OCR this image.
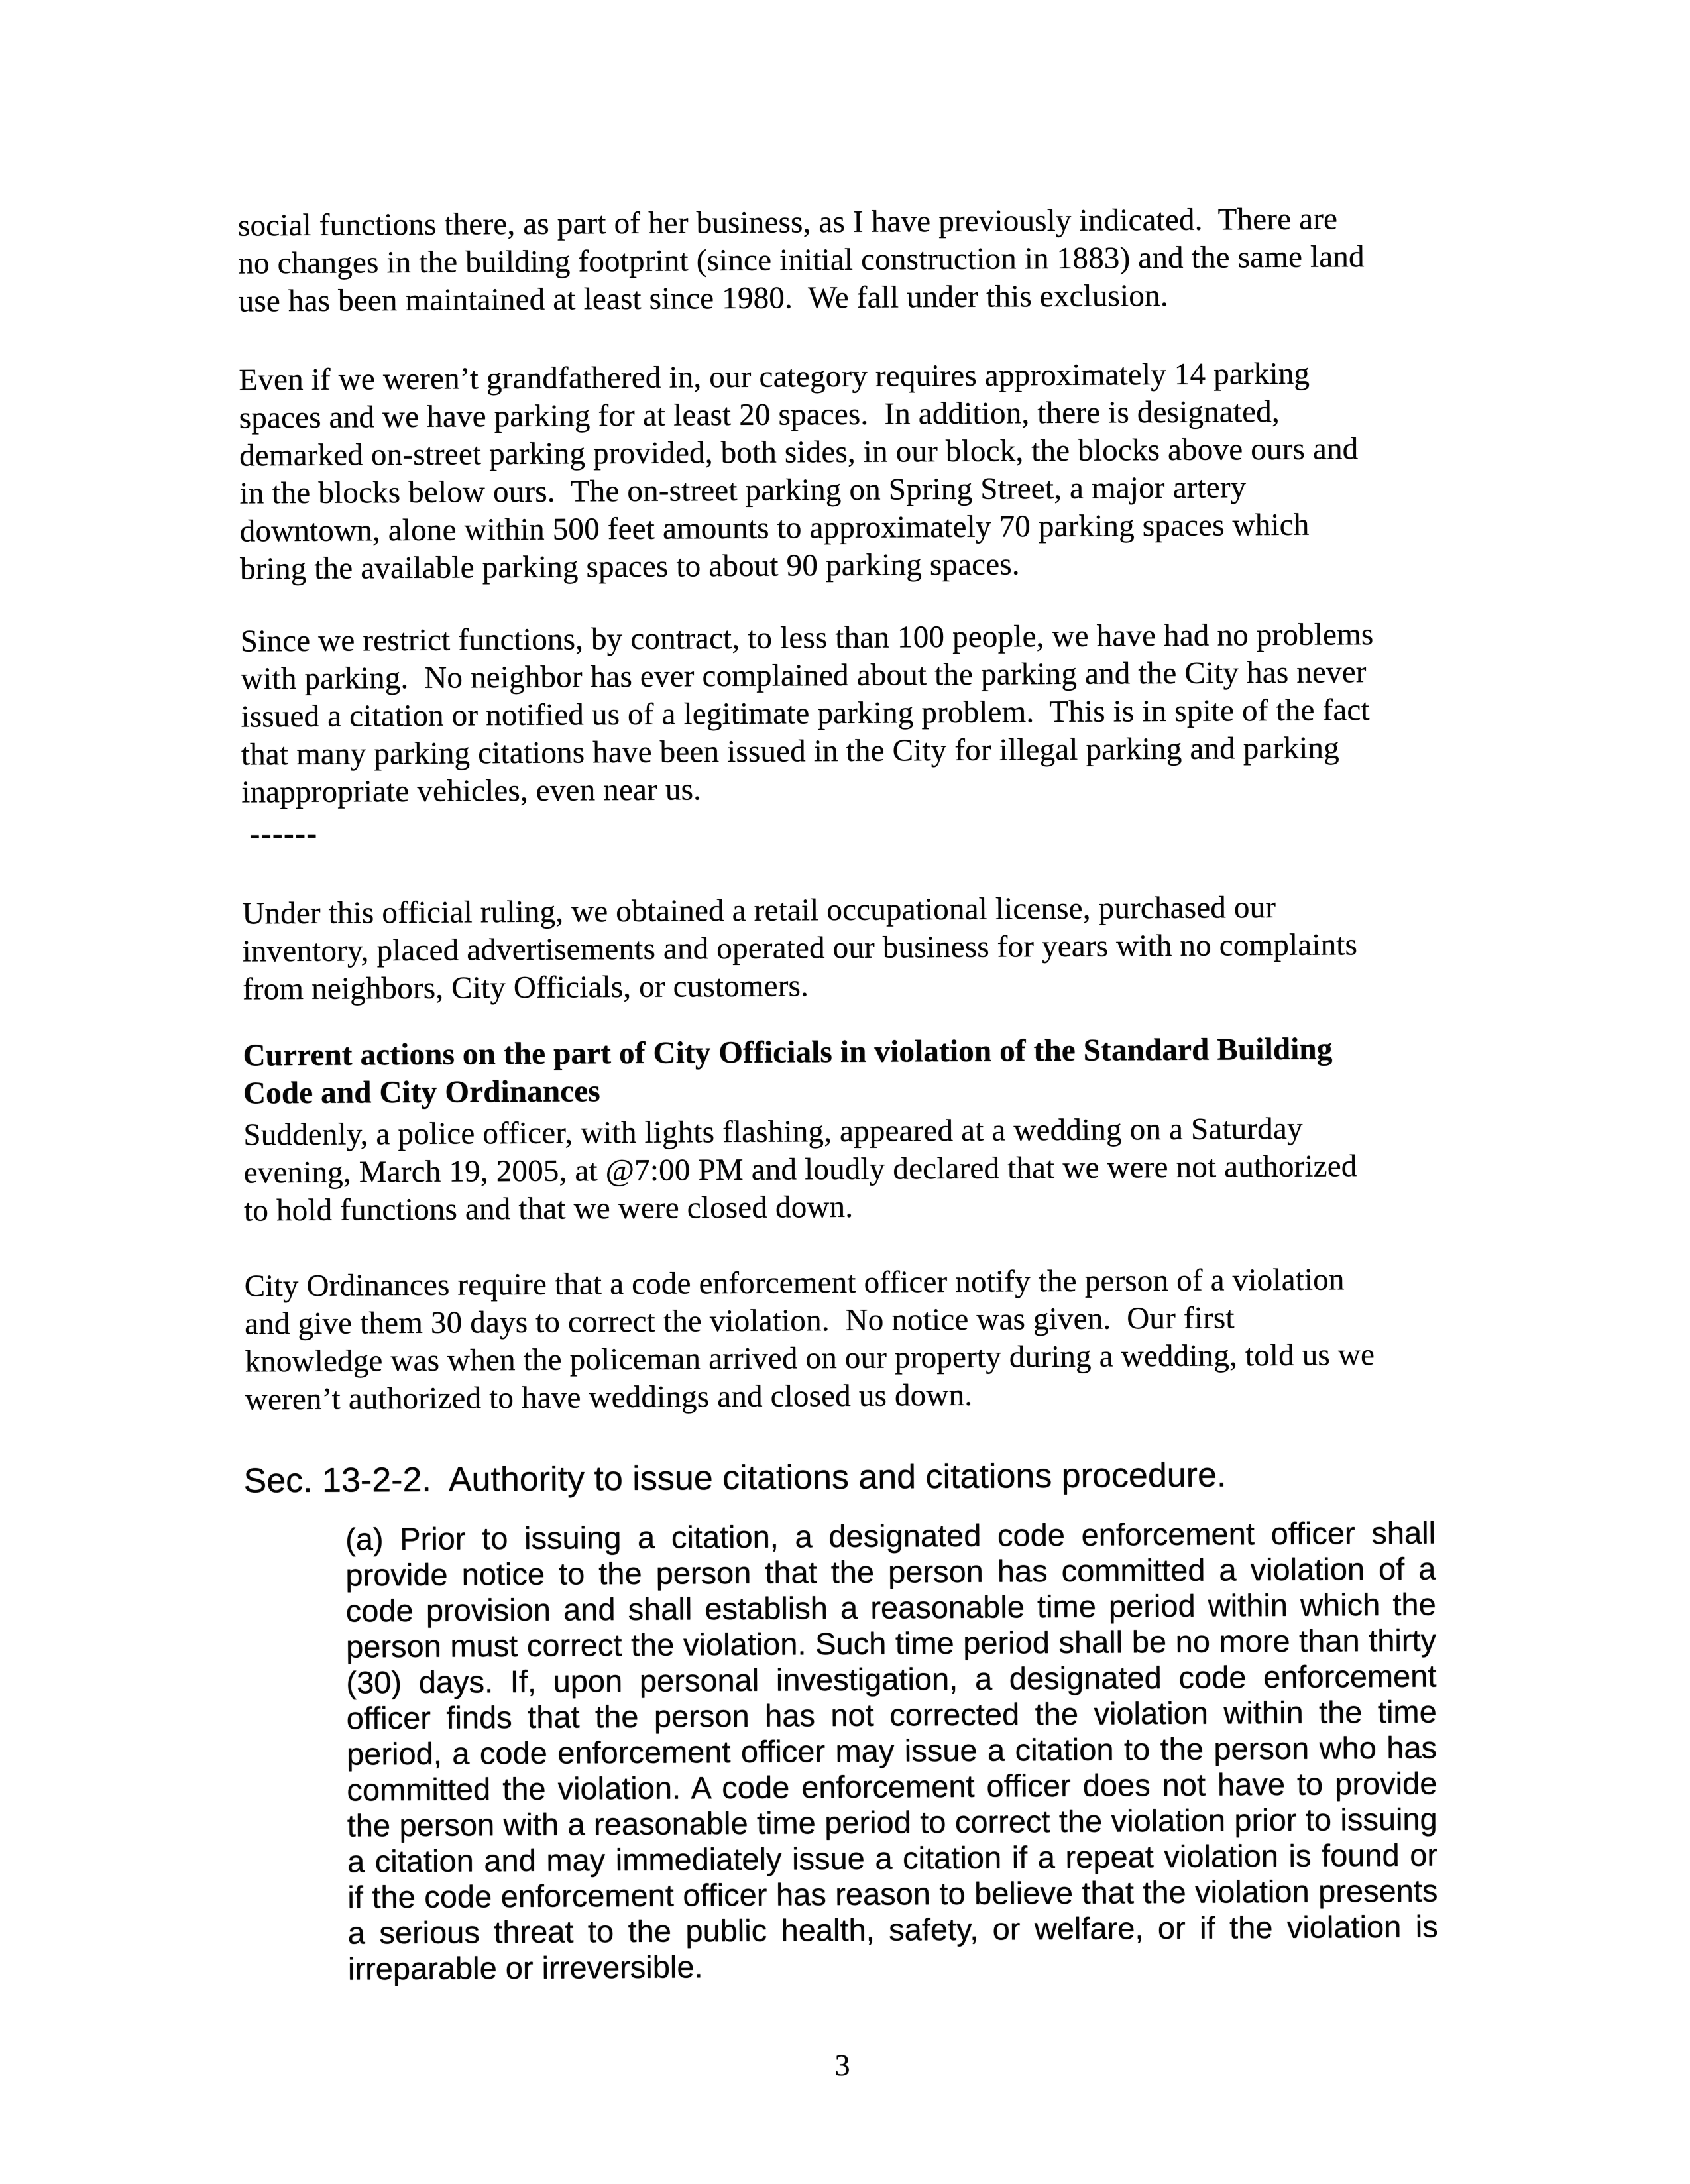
social functions there, as part of her business, as I have previously indicated.  There are
no changes in the building footprint (since initial construction in 1883) and the same land
use has been maintained at least since 1980.  We fall under this exclusion.
Even if we weren’t grandfathered in, our category requires approximately 14 parking
spaces and we have parking for at least 20 spaces.  In addition, there is designated,
demarked on-street parking provided, both sides, in our block, the blocks above ours and
in the blocks below ours.  The on-street parking on Spring Street, a major artery
downtown, alone within 500 feet amounts to approximately 70 parking spaces which
bring the available parking spaces to about 90 parking spaces.
Since we restrict functions, by contract, to less than 100 people, we have had no problems
with parking.  No neighbor has ever complained about the parking and the City has never
issued a citation or notified us of a legitimate parking problem.  This is in spite of the fact
that many parking citations have been issued in the City for illegal parking and parking
inappropriate vehicles, even near us.
------
Under this official ruling, we obtained a retail occupational license, purchased our
inventory, placed advertisements and operated our business for years with no complaints
from neighbors, City Officials, or customers.
Current actions on the part of City Officials in violation of the Standard Building
Code and City Ordinances
Suddenly, a police officer, with lights flashing, appeared at a wedding on a Saturday
evening, March 19, 2005, at @7:00 PM and loudly declared that we were not authorized
to hold functions and that we were closed down.
City Ordinances require that a code enforcement officer notify the person of a violation
and give them 30 days to correct the violation.  No notice was given.  Our first
knowledge was when the policeman arrived on our property during a wedding, told us we
weren’t authorized to have weddings and closed us down.
Sec. 13-2-2.  Authority to issue citations and citations procedure.
(a) Prior to issuing a citation, a designated code enforcement officer shall provide notice to the person that the person has committed a violation of a code provision and shall establish a reasonable time period within which the person must correct the violation. Such time period shall be no more than thirty (30) days. If, upon personal investigation, a designated code enforcement officer finds that the person has not corrected the violation within the time period, a code enforcement officer may issue a citation to the person who has committed the violation. A code enforcement officer does not have to provide the person with a reasonable time period to correct the violation prior to issuing a citation and may immediately issue a citation if a repeat violation is found or if the code enforcement officer has reason to believe that the violation presents a serious threat to the public health, safety, or welfare, or if the violation is irreparable or irreversible.
3
